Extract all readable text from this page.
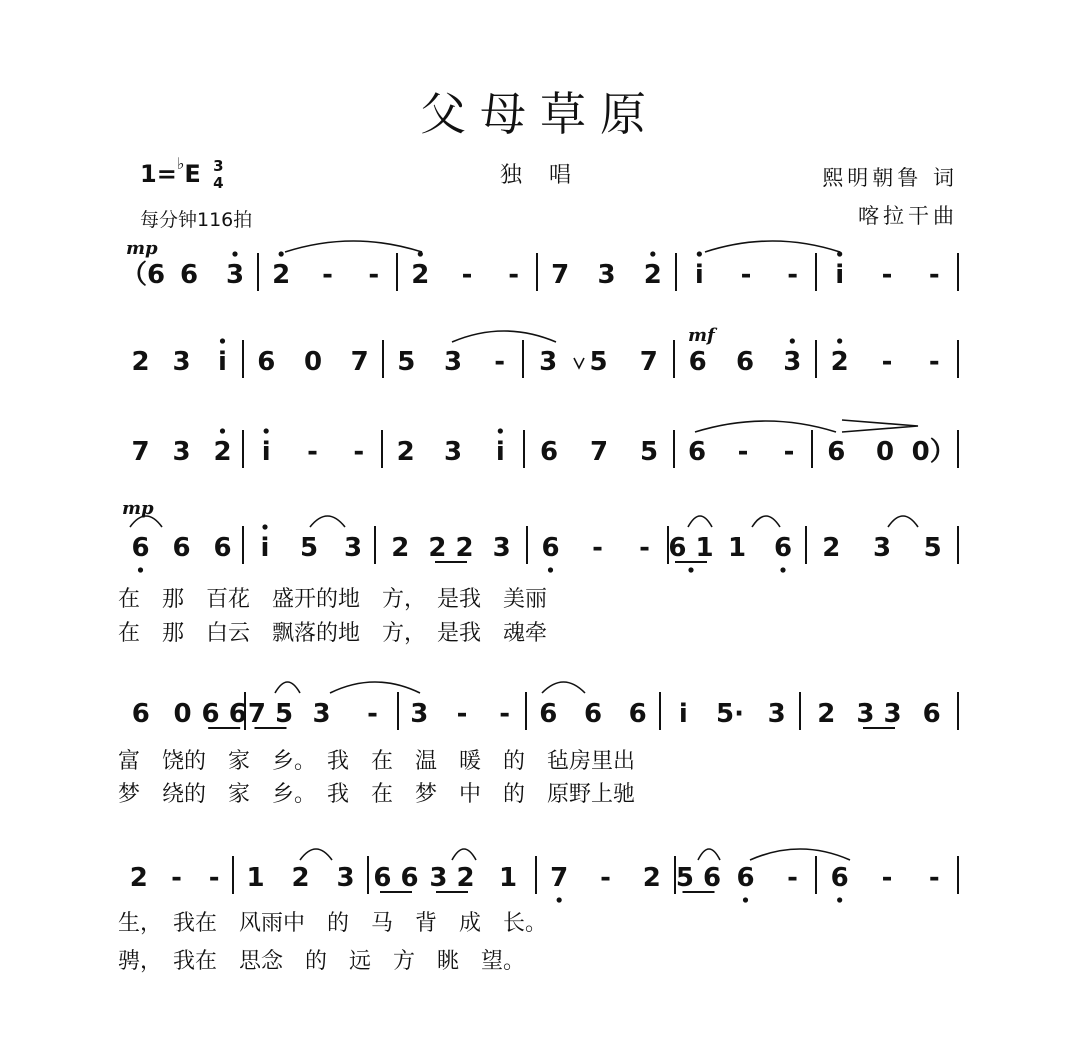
父母草原
独 唱
1=♭E 3
4
每分钟116拍
熙明朝鲁 词
喀拉干曲
mp
mf
mp
（6 6 3 2 - - 2 - - 7 3 2 i - - i - -
2 3 i 6 0 7 5 3 - 3 5 7 6 6 3 2 - -
7 3 2 i - - 2 3 i 6 7 5 6 - - 6 0 0）
6 6 6 i 5 3 2 2 2 3 6 - - 6 1 1 6 2 3 5
在　那　百花　盛开的地　方，　是我　美丽
在　那　白云　飘落的地　方，　是我　魂牵
6 0 6 6 7 5 3 - 3 - - 6 6 6 i 5· 3 2 3 3 6
富　饶的　家　乡。　我　在　温　暖　的　毡房里出
梦　绕的　家　乡。　我　在　梦　中　的　原野上驰
2 - - 1 2 3 6 6 3 2 1 7 - 2 5 6 6 - 6 - -
生，　我在　风雨中　的　马　背　成　长。
骋，　我在　思念　的　远　方　眺　望。
